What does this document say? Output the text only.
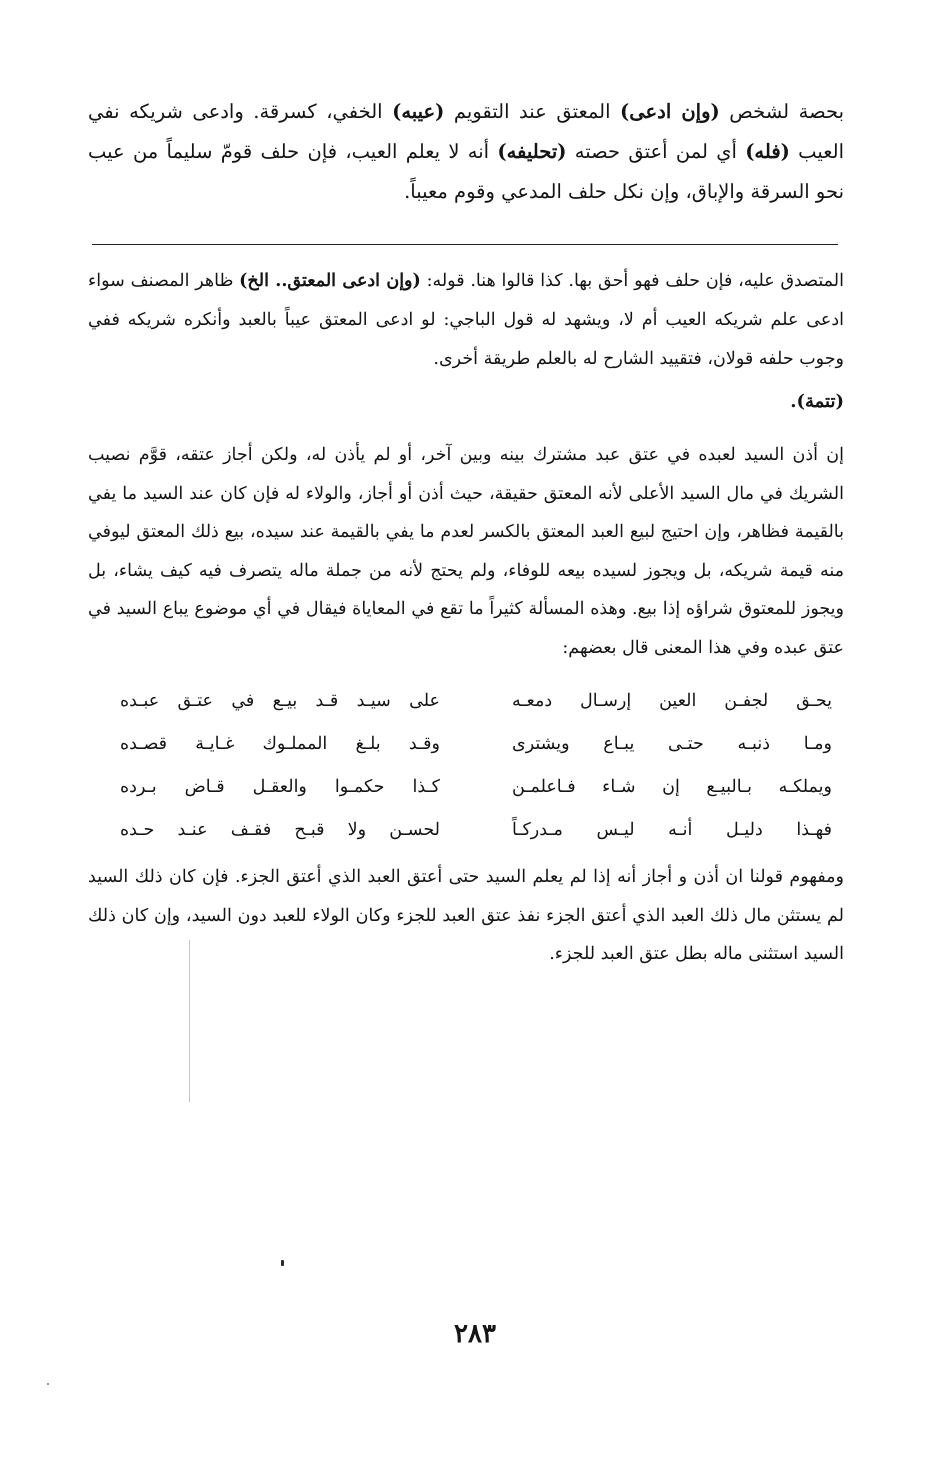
بحصة لشخص (وإن ادعى) المعتق عند التقويم (عيبه) الخفي، كسرقة. وادعى شريكه نفي العيب (فله) أي لمن أعتق حصته (تحليفه) أنه لا يعلم العيب، فإن حلف قومّ سليماً من عيب نحو السرقة والإباق، وإن نكل حلف المدعي وقوم معيباً.

المتصدق عليه، فإن حلف فهو أحق بها. كذا قالوا هنا. قوله: (وإن ادعى المعتق.. الخ) ظاهر المصنف سواء ادعى علم شريكه العيب أم لا، ويشهد له قول الباجي: لو ادعى المعتق عيباً بالعبد وأنكره شريكه ففي وجوب حلفه قولان، فتقييد الشارح له بالعلم طريقة أخرى.

(تتمة).

إن أذن السيد لعبده في عتق عبد مشترك بينه وبين آخر، أو لم يأذن له، ولكن أجاز عتقه، قوَّم نصيب الشريك في مال السيد الأعلى لأنه المعتق حقيقة، حيث أذن أو أجاز، والولاء له فإن كان عند السيد ما يفي بالقيمة فظاهر، وإن احتيج لبيع العبد المعتق بالكسر لعدم ما يفي بالقيمة عند سيده، بيع ذلك المعتق ليوفي منه قيمة شريكه، بل ويجوز لسيده بيعه للوفاء، ولم يحتج لأنه من جملة ماله يتصرف فيه كيف يشاء، بل ويجوز للمعتوق شراؤه إذا بيع. وهذه المسألة كثيراً ما تقع في المعاياة فيقال في أي موضوع يباع السيد في عتق عبده وفي هذا المعنى قال بعضهم:

يحـق لجفـن العين إرسـال دمعـه
على سيـد قـد بيـع في عتـق عبـده
ومـا ذنبـه حتـى يبـاع ويشترى
وقـد بلـغ المملـوك غـايـة قصـده
ويملكـه بـالبيـع إن شـاء فـاعلمـن
كـذا حكمـوا والعقـل قـاض بـرده
فهـذا دليـل أنـه ليـس مـدركـاً
لحسـن ولا قبـح فقـف عنـد حـده

ومفهوم قولنا ان أذن و أجاز أنه إذا لم يعلم السيد حتى أعتق العبد الذي أعتق الجزء. فإن كان ذلك السيد لم يستثن مال ذلك العبد الذي أعتق الجزء نفذ عتق العبد للجزء وكان الولاء للعبد دون السيد، وإن كان ذلك السيد استثنى ماله بطل عتق العبد للجزء.

٢٨٣
